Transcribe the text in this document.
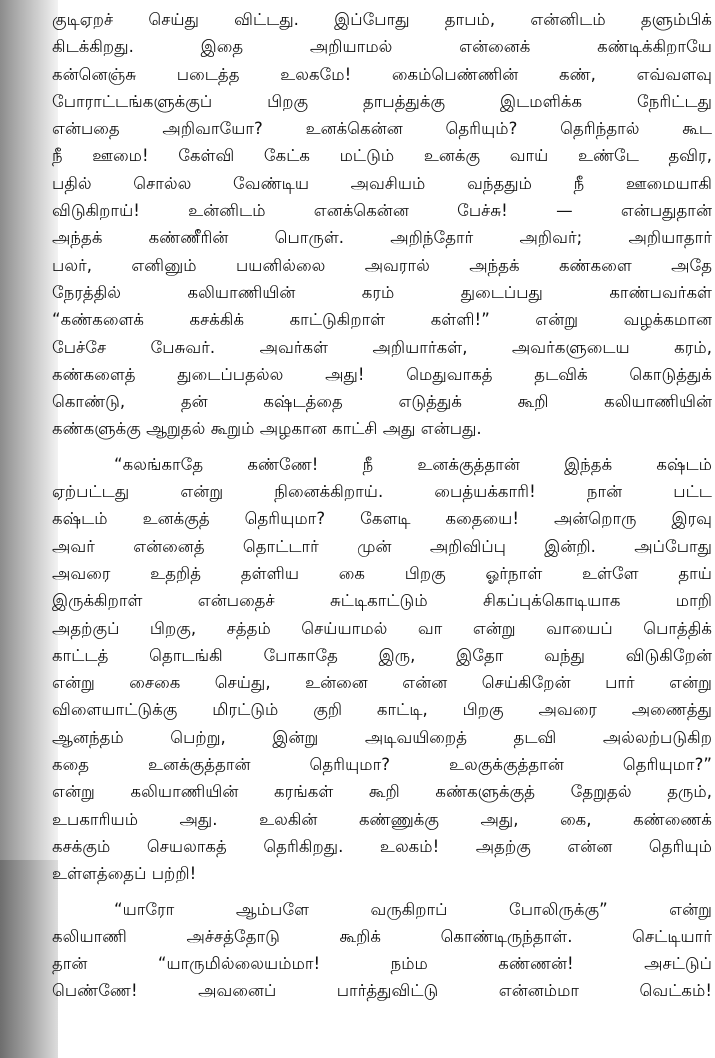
குடிஏறச் செய்து விட்டது. இப்போது தாபம், என்னிடம் தளும்பிக்
கிடக்கிறது. இதை அறியாமல் என்னைக் கண்டிக்கிறாயே
கன்னெஞ்சு படைத்த உலகமே! கைம்பெண்ணின் கண், எவ்வளவு
போராட்டங்களுக்குப் பிறகு தாபத்துக்கு இடமளிக்க நேரிட்டது
என்பதை அறிவாயோ? உனக்கென்ன தெரியும்? தெரிந்தால் கூட
நீ ஊமை! கேள்வி கேட்க மட்டும் உனக்கு வாய் உண்டே தவிர,
பதில் சொல்ல வேண்டிய அவசியம் வந்ததும் நீ ஊமையாகி
விடுகிறாய்! உன்னிடம் எனக்கென்ன பேச்சு! — என்பதுதான்
அந்தக் கண்ணீரின் பொருள். அறிந்தோர் அறிவர்; அறியாதார்
பலர், எனினும் பயனில்லை அவரால் அந்தக் கண்களை அதே
நேரத்தில் கலியாணியின் கரம் துடைப்பது காண்பவர்கள்
“கண்களைக் கசக்கிக் காட்டுகிறாள் கள்ளி!” என்று வழக்கமான
பேச்சே பேசுவர். அவர்கள் அறியார்கள், அவர்களுடைய கரம்,
கண்களைத் துடைப்பதல்ல அது! மெதுவாகத் தடவிக் கொடுத்துக்
கொண்டு, தன் கஷ்டத்தை எடுத்துக் கூறி கலியாணியின்
கண்களுக்கு ஆறுதல் கூறும் அழகான காட்சி அது என்பது.
“கலங்காதே கண்ணே! நீ உனக்குத்தான் இந்தக் கஷ்டம்
ஏற்பட்டது என்று நினைக்கிறாய். பைத்யக்காரி! நான் பட்ட
கஷ்டம் உனக்குத் தெரியுமா? கேளடி கதையை! அன்றொரு இரவு
அவர் என்னைத் தொட்டார் முன் அறிவிப்பு இன்றி. அப்போது
அவரை உதறித் தள்ளிய கை பிறகு ஓர்நாள் உள்ளே தாய்
இருக்கிறாள் என்பதைச் சுட்டிகாட்டும் சிகப்புக்கொடியாக மாறி
அதற்குப் பிறகு, சத்தம் செய்யாமல் வா என்று வாயைப் பொத்திக்
காட்டத் தொடங்கி போகாதே இரு, இதோ வந்து விடுகிறேன்
என்று சைகை செய்து, உன்னை என்ன செய்கிறேன் பார் என்று
விளையாட்டுக்கு மிரட்டும் குறி காட்டி, பிறகு அவரை அணைத்து
ஆனந்தம் பெற்று, இன்று அடிவயிறைத் தடவி அல்லற்படுகிற
கதை உனக்குத்தான் தெரியுமா? உலகுக்குத்தான் தெரியுமா?”
என்று கலியாணியின் கரங்கள் கூறி கண்களுக்குத் தேறுதல் தரும்,
உபகாரியம் அது. உலகின் கண்ணுக்கு அது, கை, கண்ணைக்
கசக்கும் செயலாகத் தெரிகிறது. உலகம்! அதற்கு என்ன தெரியும்
உள்ளத்தைப் பற்றி!
“யாரோ ஆம்பளே வருகிறாப் போலிருக்கு” என்று
கலியாணி அச்சத்தோடு கூறிக் கொண்டிருந்தாள். செட்டியார்
தான் “யாருமில்லையம்மா! நம்ம கண்ணன்! அசட்டுப்
பெண்ணே! அவனைப் பார்த்துவிட்டு என்னம்மா வெட்கம்!
